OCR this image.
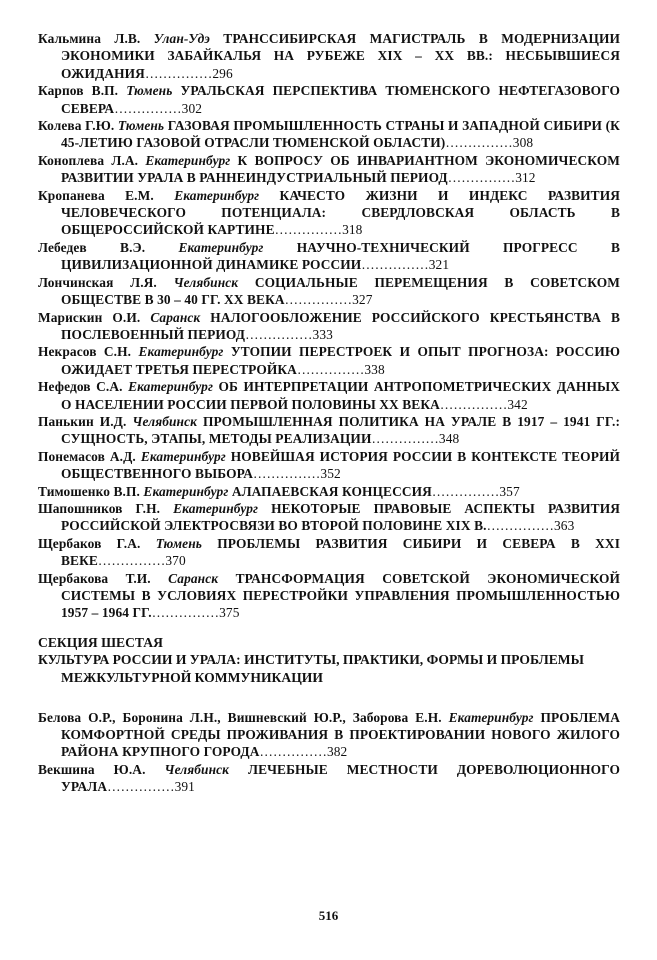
Кальмина Л.В. Улан-Удэ ТРАНССИБИРСКАЯ МАГИСТРАЛЬ В МОДЕРНИЗАЦИИ ЭКОНОМИКИ ЗАБАЙКАЛЬЯ НА РУБЕЖЕ XIX – XX ВВ.: НЕСБЫВШИЕСЯ ОЖИДАНИЯ……………296
Карпов В.П. Тюмень УРАЛЬСКАЯ ПЕРСПЕКТИВА ТЮМЕНСКОГО НЕФТЕГАЗОВОГО СЕВЕРА……………302
Колева Г.Ю. Тюмень ГАЗОВАЯ ПРОМЫШЛЕННОСТЬ СТРАНЫ И ЗАПАДНОЙ СИБИРИ (К 45-ЛЕТИЮ ГАЗОВОЙ ОТРАСЛИ ТЮМЕНСКОЙ ОБЛАСТИ)……………308
Коноплева Л.А. Екатеринбург К ВОПРОСУ ОБ ИНВАРИАНТНОМ ЭКОНОМИЧЕСКОМ РАЗВИТИИ УРАЛА В РАННЕИНДУСТРИАЛЬНЫЙ ПЕРИОД……………312
Кропанева Е.М. Екатеринбург КАЧЕСТО ЖИЗНИ И ИНДЕКС РАЗВИТИЯ ЧЕЛОВЕЧЕСКОГО ПОТЕНЦИАЛА: СВЕРДЛОВСКАЯ ОБЛАСТЬ В ОБЩЕРОССИЙСКОЙ КАРТИНЕ……………318
Лебедев В.Э. Екатеринбург НАУЧНО-ТЕХНИЧЕСКИЙ ПРОГРЕСС В ЦИВИЛИЗАЦИОННОЙ ДИНАМИКЕ РОССИИ……………321
Лончинская Л.Я. Челябинск СОЦИАЛЬНЫЕ ПЕРЕМЕЩЕНИЯ В СОВЕТСКОМ ОБЩЕСТВЕ В 30 – 40 ГГ. XX ВЕКА……………327
Марискин О.И. Саранск НАЛОГООБЛОЖЕНИЕ РОССИЙСКОГО КРЕСТЬЯНСТВА В ПОСЛЕВОЕННЫЙ ПЕРИОД……………333
Некрасов С.Н. Екатеринбург УТОПИИ ПЕРЕСТРОЕК И ОПЫТ ПРОГНОЗА: РОССИЮ ОЖИДАЕТ ТРЕТЬЯ ПЕРЕСТРОЙКА……………338
Нефедов С.А. Екатеринбург ОБ ИНТЕРПРЕТАЦИИ АНТРОПОМЕТРИЧЕСКИХ ДАННЫХ О НАСЕЛЕНИИ РОССИИ ПЕРВОЙ ПОЛОВИНЫ XX ВЕКА……………342
Панькин И.Д. Челябинск ПРОМЫШЛЕННАЯ ПОЛИТИКА НА УРАЛЕ В 1917 – 1941 ГГ.: СУЩНОСТЬ, ЭТАПЫ, МЕТОДЫ РЕАЛИЗАЦИИ……………348
Понемасов А.Д. Екатеринбург НОВЕЙШАЯ ИСТОРИЯ РОССИИ В КОНТЕКСТЕ ТЕОРИЙ ОБЩЕСТВЕННОГО ВЫБОРА……………352
Тимошенко В.П. Екатеринбург АЛАПАЕВСКАЯ КОНЦЕССИЯ……………357
Шапошников Г.Н. Екатеринбург НЕКОТОРЫЕ ПРАВОВЫЕ АСПЕКТЫ РАЗВИТИЯ РОССИЙСКОЙ ЭЛЕКТРОСВЯЗИ ВО ВТОРОЙ ПОЛОВИНЕ XIX В.……………363
Щербаков Г.А. Тюмень ПРОБЛЕМЫ РАЗВИТИЯ СИБИРИ И СЕВЕРА В XXI ВЕКЕ……………370
Щербакова Т.И. Саранск ТРАНСФОРМАЦИЯ СОВЕТСКОЙ ЭКОНОМИЧЕСКОЙ СИСТЕМЫ В УСЛОВИЯХ ПЕРЕСТРОЙКИ УПРАВЛЕНИЯ ПРОМЫШЛЕННОСТЬЮ 1957 – 1964 ГГ.……………375
СЕКЦИЯ ШЕСТАЯ
КУЛЬТУРА РОССИИ И УРАЛА: ИНСТИТУТЫ, ПРАКТИКИ, ФОРМЫ И ПРОБЛЕМЫ МЕЖКУЛЬТУРНОЙ КОММУНИКАЦИИ
Белова О.Р., Боронина Л.Н., Вишневский Ю.Р., Заборова Е.Н. Екатеринбург ПРОБЛЕМА КОМФОРТНОЙ СРЕДЫ ПРОЖИВАНИЯ В ПРОЕКТИРОВАНИИ НОВОГО ЖИЛОГО РАЙОНА КРУПНОГО ГОРОДА……………382
Векшина Ю.А. Челябинск ЛЕЧЕБНЫЕ МЕСТНОСТИ ДОРЕВОЛЮЦИОННОГО УРАЛА……………391
516
